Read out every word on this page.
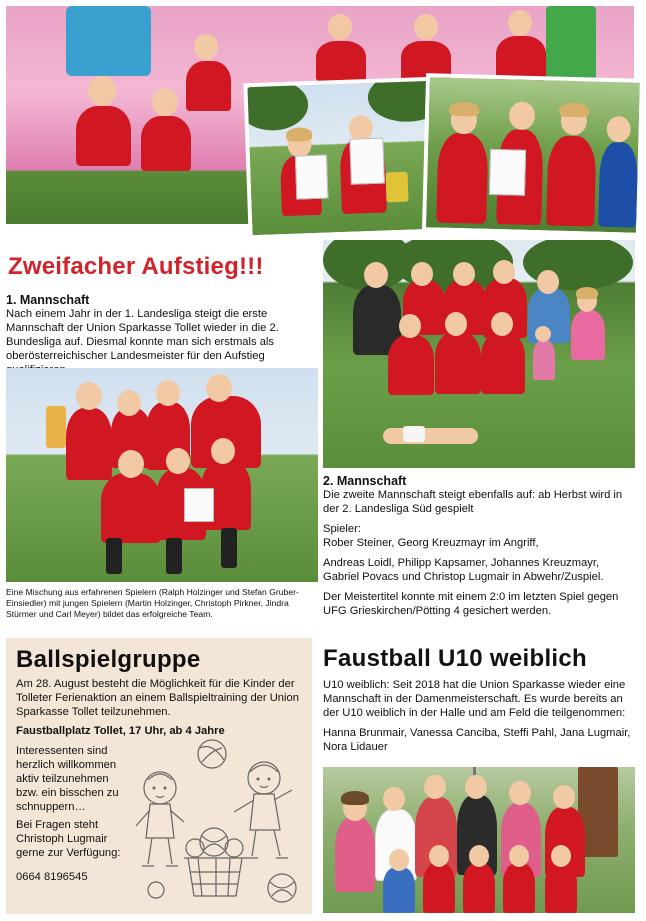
Zweifacher Aufstieg!!!
1. Mannschaft
Nach einem Jahr in der 1. Landesliga steigt die erste Mannschaft der Union Sparkasse Tollet wieder in die 2. Bundesliga auf. Diesmal konnte man sich erstmals als oberösterreichischer Landesmeister für den Aufstieg
Eine Mischung aus erfahrenen Spielern (Ralph Holzinger und Stefan Gruber-Einsiedler) mit jungen Spielern (Martin Holzinger, Christoph Pirkner, Jindra Stürmer und Carl Meyer) bildet das erfolgreiche Team.
2. Mannschaft
Die zweite Mannschaft steigt ebenfalls auf: ab Herbst wird in der 2. Landesliga Süd gespielt
Spieler:
Rober Steiner, Georg Kreuzmayr im Angriff,
Andreas Loidl, Philipp Kapsamer, Johannes Kreuzmayr, Gabriel Povacs und Christop Lugmair in Abwehr/Zuspiel.
Der Meistertitel konnte mit einem 2:0 im letzten Spiel gegen UFG Grieskirchen/Pötting 4 gesichert werden.
Ballspielgruppe
Am 28. August besteht die Möglichkeit für die Kinder der Tolleter Ferienaktion an einem Ballspieltraining der Union Sparkasse Tollet teilzunehmen.
Faustballplatz Tollet, 17 Uhr, ab 4 Jahre
Interessenten sind herzlich willkommen aktiv teilzunehmen bzw. ein bisschen zu schnuppern…
Bei Fragen steht Christoph Lugmair gerne zur Verfügung:
0664 8196545
Faustball U10 weiblich
U10 weiblich: Seit 2018 hat die Union Sparkasse wieder eine Mannschaft in der Damenmeisterschaft. Es wurde bereits an der U10 weiblich in der Halle und am Feld die teilgenommen:
Hanna Brunmair, Vanessa Canciba, Steffi Pahl, Jana Lugmair, Nora Lidauer
